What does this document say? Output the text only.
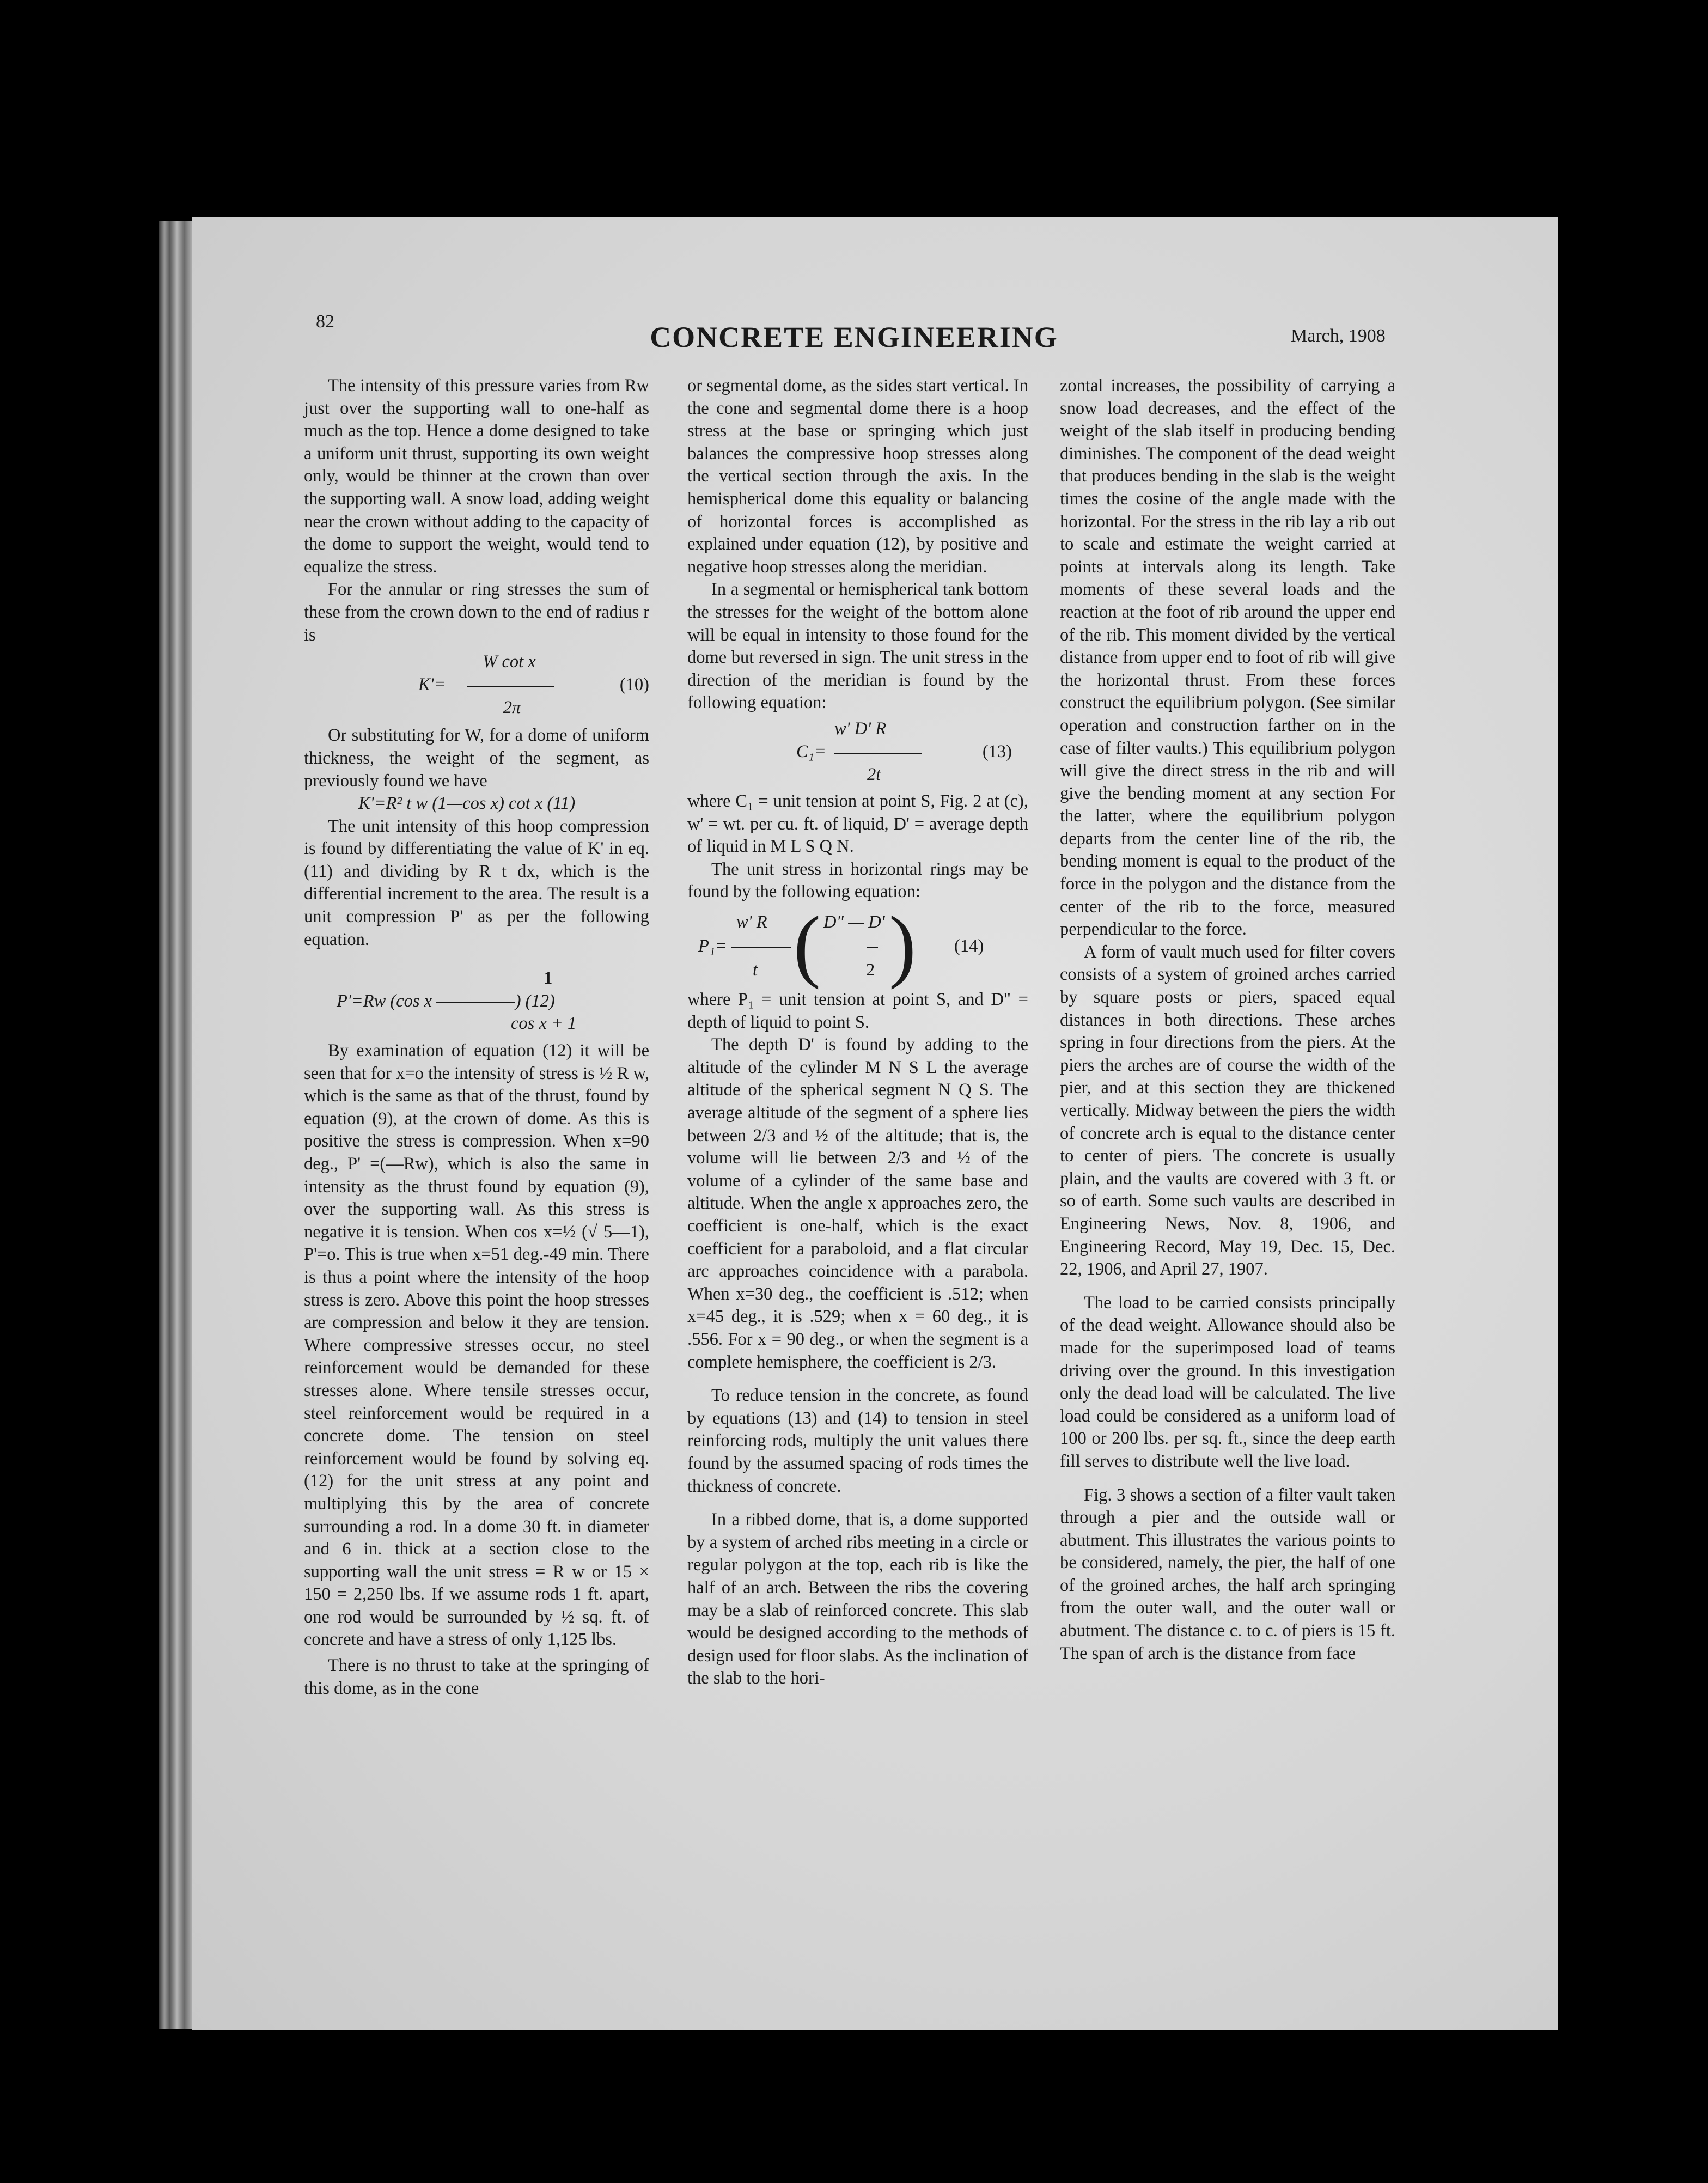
82	CONCRETE ENGINEERING	March, 1908

The intensity of this pressure varies from Rw just over the supporting wall to one-half as much as the top. Hence a dome designed to take a uniform unit thrust, supporting its own weight only, would be thinner at the crown than over the supporting wall. A snow load, adding weight near the crown without adding to the capacity of the dome to support the weight, would tend to equalize the stress.

For the annular or ring stresses the sum of these from the crown down to the end of radius r is

W cot x
K'=	(10)
2π

Or substituting for W, for a dome of uniform thickness, the weight of the segment, as previously found we have

K'=R² t w (1—cos x) cot x (11)

The unit intensity of this hoop compression is found by differentiating the value of K' in eq. (11) and dividing by R t dx, which is the differential increment to the area. The result is a unit compression P' as per the following equation.

1
P'=Rw (cos x —————) (12)
cos x + 1

By examination of equation (12) it will be seen that for x=o the intensity of stress is ½ R w, which is the same as that of the thrust, found by equation (9), at the crown of dome. As this is positive the stress is compression. When x=90 deg., P' =(—Rw), which is also the same in intensity as the thrust found by equation (9), over the supporting wall. As this stress is negative it is tension. When cos x=½ (√ 5—1), P'=o. This is true when x=51 deg.-49 min. There is thus a point where the intensity of the hoop stress is zero. Above this point the hoop stresses are compression and below it they are tension. Where compressive stresses occur, no steel reinforcement would be demanded for these stresses alone. Where tensile stresses occur, steel reinforcement would be required in a concrete dome. The tension on steel reinforcement would be found by solving eq. (12) for the unit stress at any point and multiplying this by the area of concrete surrounding a rod. In a dome 30 ft. in diameter and 6 in. thick at a section close to the supporting wall the unit stress = R w or 15 × 150 = 2,250 lbs. If we assume rods 1 ft. apart, one rod would be surrounded by ½ sq. ft. of concrete and have a stress of only 1,125 lbs.

There is no thrust to take at the springing of this dome, as in the cone

or segmental dome, as the sides start vertical. In the cone and segmental dome there is a hoop stress at the base or springing which just balances the compressive hoop stresses along the vertical section through the axis. In the hemispherical dome this equality or balancing of horizontal forces is accomplished as explained under equation (12), by positive and negative hoop stresses along the meridian.

In a segmental or hemispherical tank bottom the stresses for the weight of the bottom alone will be equal in intensity to those found for the dome but reversed in sign. The unit stress in the direction of the meridian is found by the following equation:

w' D' R
C₁=	(13)
2t

where C₁ = unit tension at point S, Fig. 2 at (c), w' = wt. per cu. ft. of liquid, D' = average depth of liquid in M L S Q N.

The unit stress in horizontal rings may be found by the following equation:

w' R
P₁=
t ( D" — D'
2 ) (14)

where P₁ = unit tension at point S, and D" = depth of liquid to point S.

The depth D' is found by adding to the altitude of the cylinder M N S L the average altitude of the spherical segment N Q S. The average altitude of the segment of a sphere lies between 2/3 and ½ of the altitude; that is, the volume will lie between 2/3 and ½ of the volume of a cylinder of the same base and altitude. When the angle x approaches zero, the coefficient is one-half, which is the exact coefficient for a paraboloid, and a flat circular arc approaches coincidence with a parabola. When x=30 deg., the coefficient is .512; when x=45 deg., it is .529; when x = 60 deg., it is .556. For x = 90 deg., or when the segment is a complete hemisphere, the coefficient is 2/3.

To reduce tension in the concrete, as found by equations (13) and (14) to tension in steel reinforcing rods, multiply the unit values there found by the assumed spacing of rods times the thickness of concrete.

In a ribbed dome, that is, a dome supported by a system of arched ribs meeting in a circle or regular polygon at the top, each rib is like the half of an arch. Between the ribs the covering may be a slab of reinforced concrete. This slab would be designed according to the methods of design used for floor slabs. As the inclination of the slab to the hori-

zontal increases, the possibility of carrying a snow load decreases, and the effect of the weight of the slab itself in producing bending diminishes. The component of the dead weight that produces bending in the slab is the weight times the cosine of the angle made with the horizontal. For the stress in the rib lay a rib out to scale and estimate the weight carried at points at intervals along its length. Take moments of these several loads and the reaction at the foot of rib around the upper end of the rib. This moment divided by the vertical distance from upper end to foot of rib will give the horizontal thrust. From these forces construct the equilibrium polygon. (See similar operation and construction farther on in the case of filter vaults.) This equilibrium polygon will give the direct stress in the rib and will give the bending moment at any section For the latter, where the equilibrium polygon departs from the center line of the rib, the bending moment is equal to the product of the force in the polygon and the distance from the center of the rib to the force, measured perpendicular to the force.

A form of vault much used for filter covers consists of a system of groined arches carried by square posts or piers, spaced equal distances in both directions. These arches spring in four directions from the piers. At the piers the arches are of course the width of the pier, and at this section they are thickened vertically. Midway between the piers the width of concrete arch is equal to the distance center to center of piers. The concrete is usually plain, and the vaults are covered with 3 ft. or so of earth. Some such vaults are described in Engineering News, Nov. 8, 1906, and Engineering Record, May 19, Dec. 15, Dec. 22, 1906, and April 27, 1907.

The load to be carried consists principally of the dead weight. Allowance should also be made for the superimposed load of teams driving over the ground. In this investigation only the dead load will be calculated. The live load could be considered as a uniform load of 100 or 200 lbs. per sq. ft., since the deep earth fill serves to distribute well the live load.

Fig. 3 shows a section of a filter vault taken through a pier and the outside wall or abutment. This illustrates the various points to be considered, namely, the pier, the half of one of the groined arches, the half arch springing from the outer wall, and the outer wall or abutment. The distance c. to c. of piers is 15 ft. The span of arch is the distance from face
